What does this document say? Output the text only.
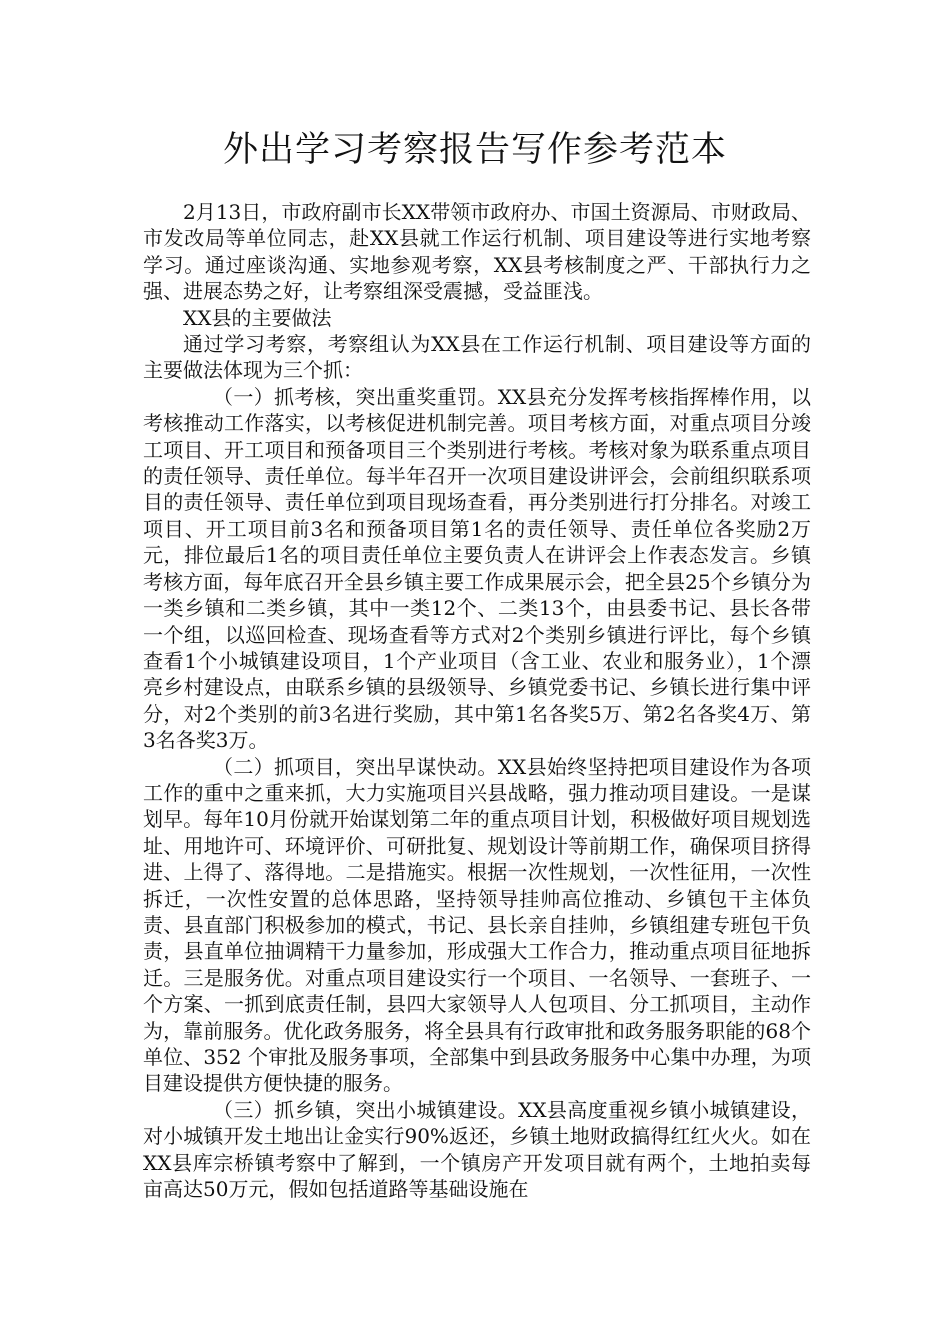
外出学习考察报告写作参考范本

2月13日，市政府副市长XX带领市政府办、市国土资源局、市财政局、市发改局等单位同志，赴XX县就工作运行机制、项目建设等进行实地考察学习。通过座谈沟通、实地参观考察，XX县考核制度之严、干部执行力之强、进展态势之好，让考察组深受震撼，受益匪浅。

XX县的主要做法

通过学习考察，考察组认为XX县在工作运行机制、项目建设等方面的主要做法体现为三个抓：

（一）抓考核，突出重奖重罚。XX县充分发挥考核指挥棒作用，以考核推动工作落实，以考核促进机制完善。项目考核方面，对重点项目分竣工项目、开工项目和预备项目三个类别进行考核。考核对象为联系重点项目的责任领导、责任单位。每半年召开一次项目建设讲评会，会前组织联系项目的责任领导、责任单位到项目现场查看，再分类别进行打分排名。对竣工项目、开工项目前3名和预备项目第1名的责任领导、责任单位各奖励2万元，排位最后1名的项目责任单位主要负责人在讲评会上作表态发言。乡镇考核方面，每年底召开全县乡镇主要工作成果展示会，把全县25个乡镇分为一类乡镇和二类乡镇，其中一类12个、二类13个，由县委书记、县长各带一个组，以巡回检查、现场查看等方式对2个类别乡镇进行评比，每个乡镇查看1个小城镇建设项目，1个产业项目（含工业、农业和服务业），1个漂亮乡村建设点，由联系乡镇的县级领导、乡镇党委书记、乡镇长进行集中评分，对2个类别的前3名进行奖励，其中第1名各奖5万、第2名各奖4万、第3名各奖3万。

（二）抓项目，突出早谋快动。XX县始终坚持把项目建设作为各项工作的重中之重来抓，大力实施项目兴县战略，强力推动项目建设。一是谋划早。每年10月份就开始谋划第二年的重点项目计划，积极做好项目规划选址、用地许可、环境评价、可研批复、规划设计等前期工作，确保项目挤得进、上得了、落得地。二是措施实。根据一次性规划，一次性征用，一次性拆迁，一次性安置的总体思路，坚持领导挂帅高位推动、乡镇包干主体负责、县直部门积极参加的模式，书记、县长亲自挂帅，乡镇组建专班包干负责，县直单位抽调精干力量参加，形成强大工作合力，推动重点项目征地拆迁。三是服务优。对重点项目建设实行一个项目、一名领导、一套班子、一个方案、一抓到底责任制，县四大家领导人人包项目、分工抓项目，主动作为，靠前服务。优化政务服务，将全县具有行政审批和政务服务职能的68个单位、352 个审批及服务事项，全部集中到县政务服务中心集中办理，为项目建设提供方便快捷的服务。

（三）抓乡镇，突出小城镇建设。XX县高度重视乡镇小城镇建设，对小城镇开发土地出让金实行90%返还，乡镇土地财政搞得红红火火。如在XX县库宗桥镇考察中了解到，一个镇房产开发项目就有两个，土地拍卖每亩高达50万元，假如包括道路等基础设施在
